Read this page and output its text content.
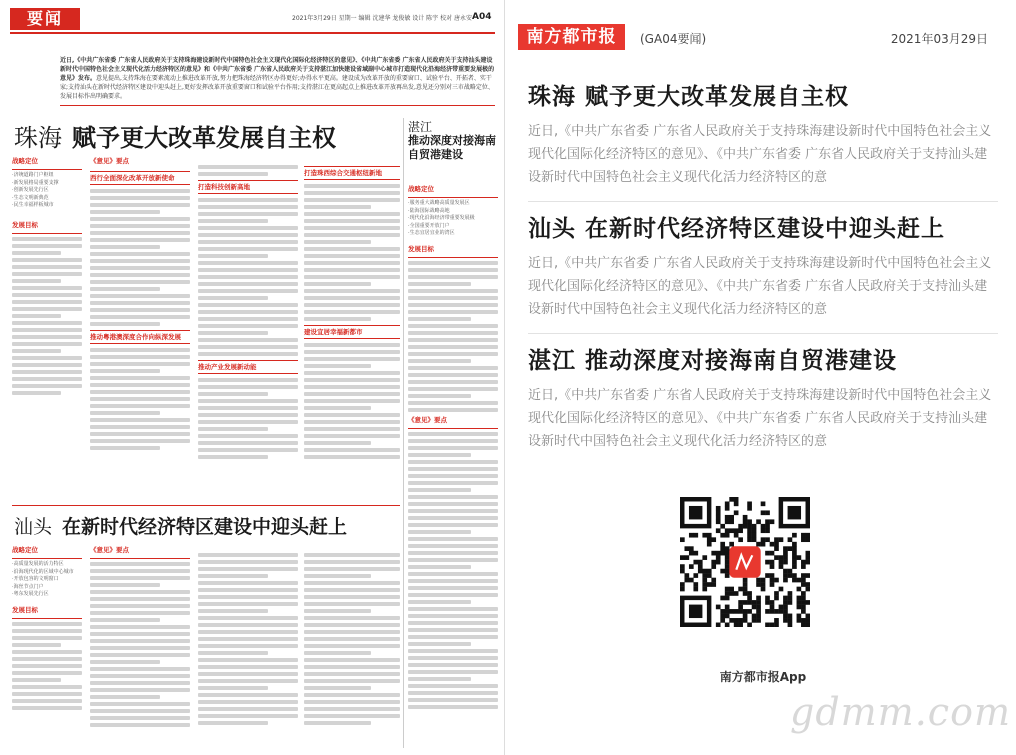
要闻	2021年3月29日 星期一 编辑 沈建华 龙俊敏 设计 陈宇 校对 唐永安 A04
近日,《中共广东省委 广东省人民政府关于支持珠海建设新时代中国特色社会主义现代化国际化经济特区的意见》、《中共广东省委 广东省人民政府关于支持汕头建设新时代中国特色社会主义现代化活力经济特区的意见》和《中共广东省委 广东省人民政府关于支持湛江加快建设省域副中心城市打造现代化沿海经济带重要发展极的意见》发布。意见提出,支持珠海在要素流动上推进改革开放,努力把珠海经济特区办得更好;办得水平更高。建设成为改革开放的重要窗口、试验平台、开拓者、实干家;支持汕头在新时代经济特区建设中迎头赶上,更好发挥改革开放重要窗口和试验平台作用;支持湛江在更高起点上推进改革开放再出发,意见还分别对三市战略定位、发展目标作出明确要求。
珠海 赋予更大改革发展自主权	湛江
推动深度对接海南自贸港建设
战略定位
·济统道路门户枢纽
·新发展格局重要支撑
·创新发展先行区
·生态文明新典范
·民生幸福样板城市
发展目标
《意见》要点
西行全面深化改革开放新使命
推动粤港澳深度合作向纵深发展
打造科技创新高地
推动产业发展新动能
打造珠西综合交通枢纽新地
建设宜居幸福新都市
战略定位
·服务重大战略高质量发展区
·陆海国际战略高地
·现代化沿海经济带重要发展极
·全国重要开放门户
·生态宜居宜业的湾区
发展目标
《意见》要点
汕头 在新时代经济特区建设中迎头赶上
战略定位
·高质量发展的活力特区
·沿海现代化的区域中心城市
·开放包容的文明窗口
·海丝节点门户
·粤东发展先行区
发展目标
《意见》要点
南方都市报	(GA04要闻)	2021年03月29日
珠海 赋予更大改革发展自主权

近日,《中共广东省委 广东省人民政府关于支持珠海建设新时代中国特色社会主义现代化国际化经济特区的意见》、《中共广东省委 广东省人民政府关于支持汕头建设新时代中国特色社会主义现代化活力经济特区的意

汕头 在新时代经济特区建设中迎头赶上

近日,《中共广东省委 广东省人民政府关于支持珠海建设新时代中国特色社会主义现代化国际化经济特区的意见》、《中共广东省委 广东省人民政府关于支持汕头建设新时代中国特色社会主义现代化活力经济特区的意

湛江 推动深度对接海南自贸港建设

近日,《中共广东省委 广东省人民政府关于支持珠海建设新时代中国特色社会主义现代化国际化经济特区的意见》、《中共广东省委 广东省人民政府关于支持汕头建设新时代中国特色社会主义现代化活力经济特区的意

南方都市报App
gdmm.com
